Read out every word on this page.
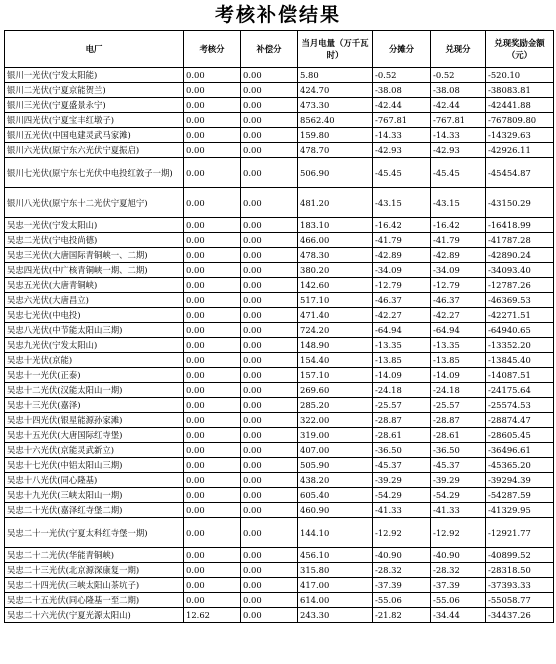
考核补偿结果
电厂	考核分	补偿分	当月电量（万千瓦时）	分摊分	兑现分	兑现奖励金额（元）
银川一光伏(宁发太阳能)	0.00	0.00	5.80	-0.52	-0.52	-520.10
银川二光伏(宁夏京能贺兰)	0.00	0.00	424.70	-38.08	-38.08	-38083.81
银川三光伏(宁夏盛景永宁)	0.00	0.00	473.30	-42.44	-42.44	-42441.88
银川四光伏(宁夏宝丰红墩子)	0.00	0.00	8562.40	-767.81	-767.81	-767809.80
银川五光伏(中国电建灵武马家滩)	0.00	0.00	159.80	-14.33	-14.33	-14329.63
银川六光伏(原宁东六光伏宁夏振启)	0.00	0.00	478.70	-42.93	-42.93	-42926.11
银川七光伏(原宁东七光伏中电投红敦子一期)	0.00	0.00	506.90	-45.45	-45.45	-45454.87
银川八光伏(原宁东十二光伏宁夏旭宁)	0.00	0.00	481.20	-43.15	-43.15	-43150.29
吴忠一光伏(宁发太阳山)	0.00	0.00	183.10	-16.42	-16.42	-16418.99
吴忠二光伏(宁电投尚德)	0.00	0.00	466.00	-41.79	-41.79	-41787.28
吴忠三光伏(大唐国际青铜峡一、二期)	0.00	0.00	478.30	-42.89	-42.89	-42890.24
吴忠四光伏(中广核青铜峡一期、二期)	0.00	0.00	380.20	-34.09	-34.09	-34093.40
吴忠五光伏(大唐青铜峡)	0.00	0.00	142.60	-12.79	-12.79	-12787.26
吴忠六光伏(大唐昌立)	0.00	0.00	517.10	-46.37	-46.37	-46369.53
吴忠七光伏(中电投)	0.00	0.00	471.40	-42.27	-42.27	-42271.51
吴忠八光伏(中节能太阳山三期)	0.00	0.00	724.20	-64.94	-64.94	-64940.65
吴忠九光伏(宁发太阳山)	0.00	0.00	148.90	-13.35	-13.35	-13352.20
吴忠十光伏(京能)	0.00	0.00	154.40	-13.85	-13.85	-13845.40
吴忠十一光伏(正泰)	0.00	0.00	157.10	-14.09	-14.09	-14087.51
吴忠十二光伏(汉能太阳山一期)	0.00	0.00	269.60	-24.18	-24.18	-24175.64
吴忠十三光伏(嘉泽)	0.00	0.00	285.20	-25.57	-25.57	-25574.53
吴忠十四光伏(银星能源孙家滩)	0.00	0.00	322.00	-28.87	-28.87	-28874.47
吴忠十五光伏(大唐国际红寺堡)	0.00	0.00	319.00	-28.61	-28.61	-28605.45
吴忠十六光伏(京能灵武新立)	0.00	0.00	407.00	-36.50	-36.50	-36496.61
吴忠十七光伏(中铝太阳山三期)	0.00	0.00	505.90	-45.37	-45.37	-45365.20
吴忠十八光伏(同心隆基)	0.00	0.00	438.20	-39.29	-39.29	-39294.39
吴忠十九光伏(三峡太阳山一期)	0.00	0.00	605.40	-54.29	-54.29	-54287.59
吴忠二十光伏(嘉泽红寺堡二期)	0.00	0.00	460.90	-41.33	-41.33	-41329.95
吴忠二十一光伏(宁夏太科红寺堡一期)	0.00	0.00	144.10	-12.92	-12.92	-12921.77
吴忠二十二光伏(华能青铜峡)	0.00	0.00	456.10	-40.90	-40.90	-40899.52
吴忠二十三光伏(北京源深康复一期)	0.00	0.00	315.80	-28.32	-28.32	-28318.50
吴忠二十四光伏(三峡太阳山茶坑子)	0.00	0.00	417.00	-37.39	-37.39	-37393.33
吴忠二十五光伏(同心隆基一至二期)	0.00	0.00	614.00	-55.06	-55.06	-55058.77
吴忠二十六光伏(宁夏光源太阳山)	12.62	0.00	243.30	-21.82	-34.44	-34437.26
